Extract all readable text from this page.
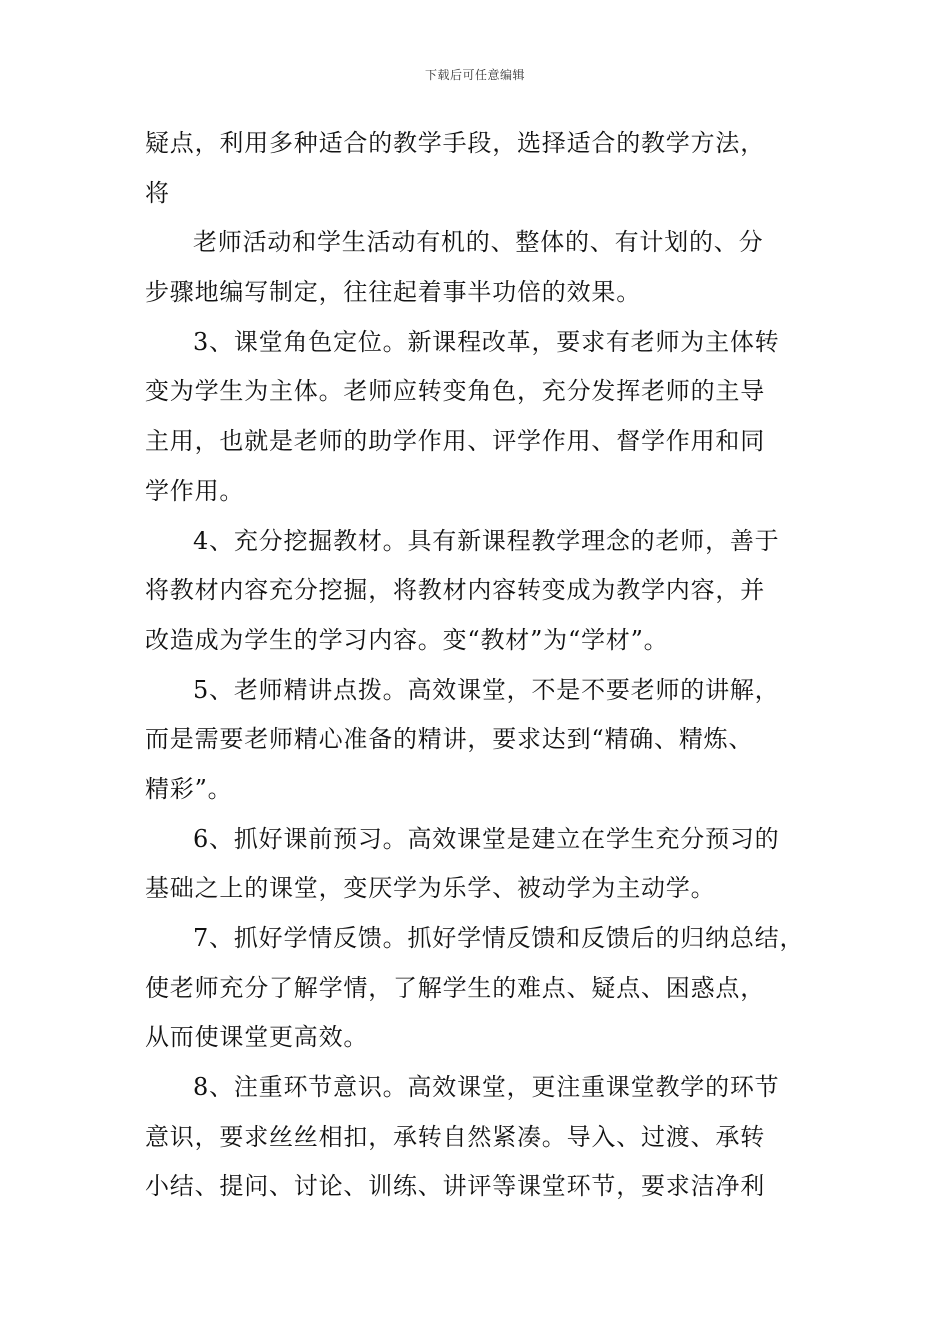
下载后可任意编辑
疑点，利用多种适合的教学手段，选择适合的教学方法，
将
老师活动和学生活动有机的、整体的、有计划的、分
步骤地编写制定，往往起着事半功倍的效果。
3、课堂角色定位。新课程改革，要求有老师为主体转
变为学生为主体。老师应转变角色，充分发挥老师的主导
主用，也就是老师的助学作用、评学作用、督学作用和同
学作用。
4、充分挖掘教材。具有新课程教学理念的老师，善于
将教材内容充分挖掘，将教材内容转变成为教学内容，并
改造成为学生的学习内容。变“教材”为“学材”。
5、老师精讲点拨。高效课堂，不是不要老师的讲解，
而是需要老师精心准备的精讲，要求达到“精确、精炼、
精彩”。
6、抓好课前预习。高效课堂是建立在学生充分预习的
基础之上的课堂，变厌学为乐学、被动学为主动学。
7、抓好学情反馈。抓好学情反馈和反馈后的归纳总结，
使老师充分了解学情，了解学生的难点、疑点、困惑点，
从而使课堂更高效。
8、注重环节意识。高效课堂，更注重课堂教学的环节
意识，要求丝丝相扣，承转自然紧凑。导入、过渡、承转
小结、提问、讨论、训练、讲评等课堂环节，要求洁净利
